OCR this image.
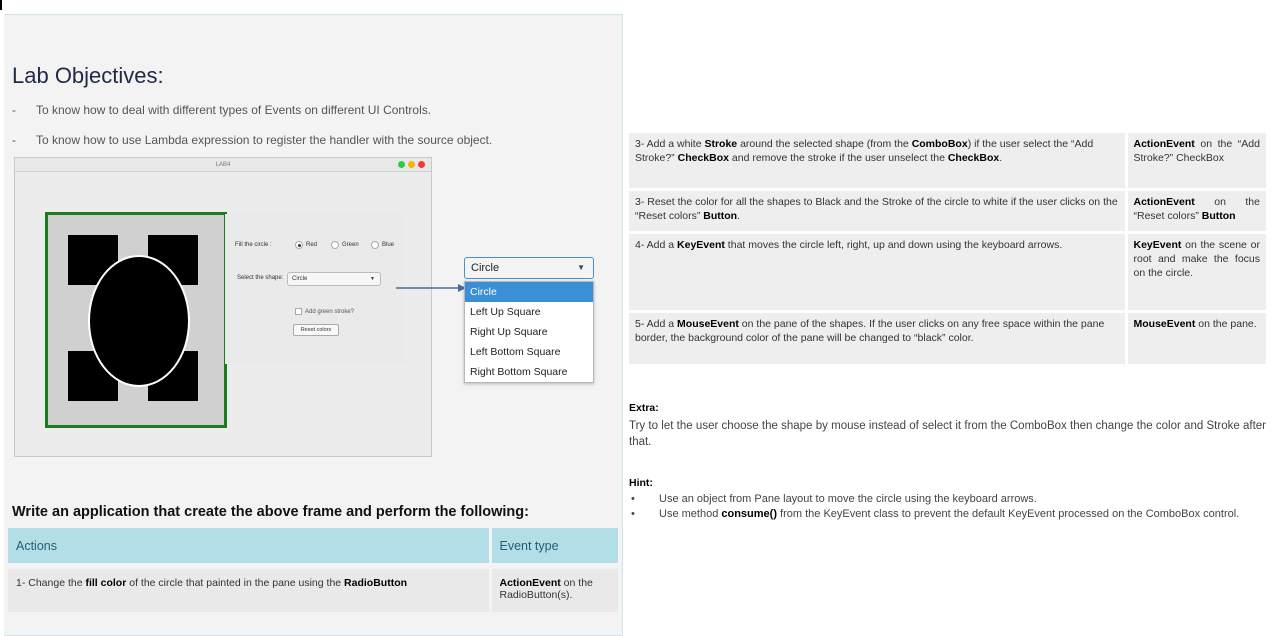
Lab Objectives:
- To know how to deal with different types of Events on different UI Controls.
- To know how to use Lambda expression to register the handler with the source object.
LAB4
Fill the circle :	Red	Green	Blue
Select the shape:	Circle	▼
Add green stroke?
Reset colors
Circle	▼
Circle
Left Up Square
Right Up Square
Left Bottom Square
Right Bottom Square
Write an application that create the above frame and perform the following:
Actions	Event type
1- Change the fill color of the circle that painted in the pane using the RadioButton	ActionEvent on the RadioButton(s).
3- Add a white Stroke around the selected shape (from the ComboBox) if the user select the “Add Stroke?” CheckBox and remove the stroke if the user unselect the CheckBox.	ActionEvent on the “Add Stroke?” CheckBox
3- Reset the color for all the shapes to Black and the Stroke of the circle to white if the user clicks on the “Reset colors” Button.	ActionEvent on the “Reset colors” Button
4- Add a KeyEvent that moves the circle left, right, up and down using the keyboard arrows.	KeyEvent on the scene or root and make the focus on the circle.
5- Add a MouseEvent on the pane of the shapes. If the user clicks on any free space within the pane border, the background color of the pane will be changed to “black” color.	MouseEvent on the pane.
Extra:
Try to let the user choose the shape by mouse instead of select it from the ComboBox then change the color and Stroke after that.
Hint:
• Use an object from Pane layout to move the circle using the keyboard arrows.
• Use method consume() from the KeyEvent class to prevent the default KeyEvent processed on the ComboBox control.
